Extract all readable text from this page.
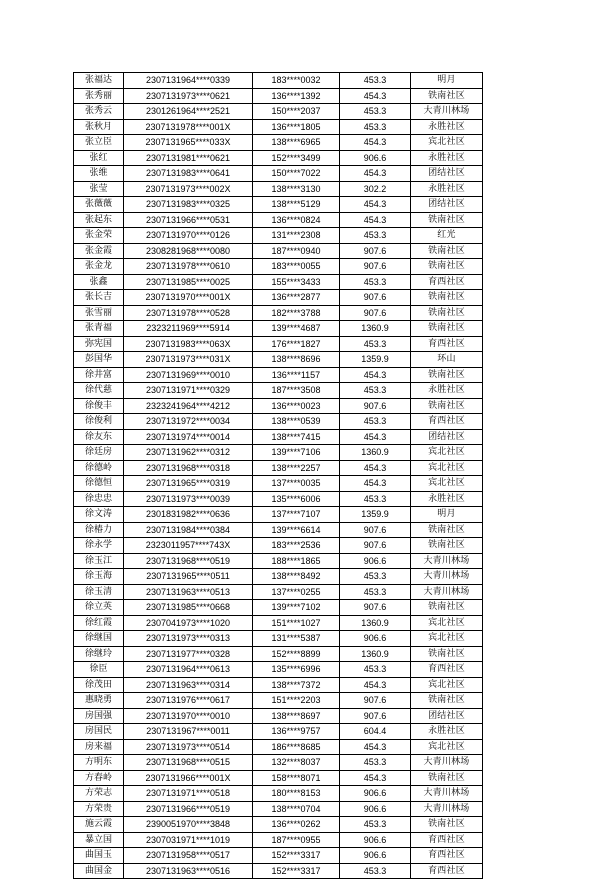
张福达	2307131964****0339	183****0032	453.3	明月
张秀丽	2307131973****0621	136****1392	454.3	铁南社区
张秀云	2301261964****2521	150****2037	453.3	大青川林场
张秋月	2307131978****001X	136****1805	453.3	永胜社区
张立臣	2307131965****033X	138****6965	454.3	宾北社区
张红	2307131981****0621	152****3499	906.6	永胜社区
张维	2307131983****0641	150****7022	454.3	团结社区
张莹	2307131973****002X	138****3130	302.2	永胜社区
张薇薇	2307131983****0325	138****5129	454.3	团结社区
张起东	2307131966****0531	136****0824	454.3	铁南社区
张金荣	2307131970****0126	131****2308	453.3	红光
张金霞	2308281968****0080	187****0940	907.6	铁南社区
张金龙	2307131978****0610	183****0055	907.6	铁南社区
张鑫	2307131985****0025	155****3433	453.3	育西社区
张长吉	2307131970****001X	136****2877	907.6	铁南社区
张雪丽	2307131978****0528	182****3788	907.6	铁南社区
张青福	2323211969****5914	139****4687	1360.9	铁南社区
弥宪国	2307131983****063X	176****1827	453.3	育西社区
彭国华	2307131973****031X	138****8696	1359.9	环山
徐井富	2307131969****0010	136****1157	454.3	铁南社区
徐代慈	2307131971****0329	187****3508	453.3	永胜社区
徐俊丰	2323241964****4212	136****0023	907.6	铁南社区
徐俊利	2307131972****0034	138****0539	453.3	育西社区
徐友东	2307131974****0014	138****7415	454.3	团结社区
徐廷房	2307131962****0312	139****7106	1360.9	宾北社区
徐德岭	2307131968****0318	138****2257	454.3	宾北社区
徐德恒	2307131965****0319	137****0035	454.3	宾北社区
徐忠忠	2307131973****0039	135****6006	453.3	永胜社区
徐文涛	2301831982****0636	137****7107	1359.9	明月
徐椿力	2307131984****0384	139****6614	907.6	铁南社区
徐永学	2323011957****743X	183****2536	907.6	铁南社区
徐玉江	2307131968****0519	188****1865	906.6	大青川林场
徐玉海	2307131965****0511	138****8492	453.3	大青川林场
徐玉清	2307131963****0513	137****0255	453.3	大青川林场
徐立英	2307131985****0668	139****7102	907.6	铁南社区
徐红霞	2307041973****1020	151****1027	1360.9	宾北社区
徐继国	2307131973****0313	131****5387	906.6	宾北社区
徐继玲	2307131977****0328	152****8899	1360.9	铁南社区
徐臣	2307131964****0613	135****6996	453.3	育西社区
徐茂田	2307131963****0314	138****7372	454.3	宾北社区
惠晓勇	2307131976****0617	151****2203	907.6	铁南社区
房国强	2307131970****0010	138****8697	907.6	团结社区
房国民	2307131967****0011	136****9757	604.4	永胜社区
房来福	2307131973****0514	186****8685	454.3	宾北社区
方明东	2307131968****0515	132****8037	453.3	大青川林场
方春岭	2307131966****001X	158****8071	454.3	铁南社区
方荣志	2307131971****0518	180****8153	906.6	大青川林场
方荣贵	2307131966****0519	138****0704	906.6	大青川林场
施云霞	2390051970****3848	136****0262	453.3	铁南社区
暴立国	2307031971****1019	187****0955	906.6	育西社区
曲国玉	2307131958****0517	152****3317	906.6	育西社区
曲国金	2307131963****0516	152****3317	453.3	育西社区
